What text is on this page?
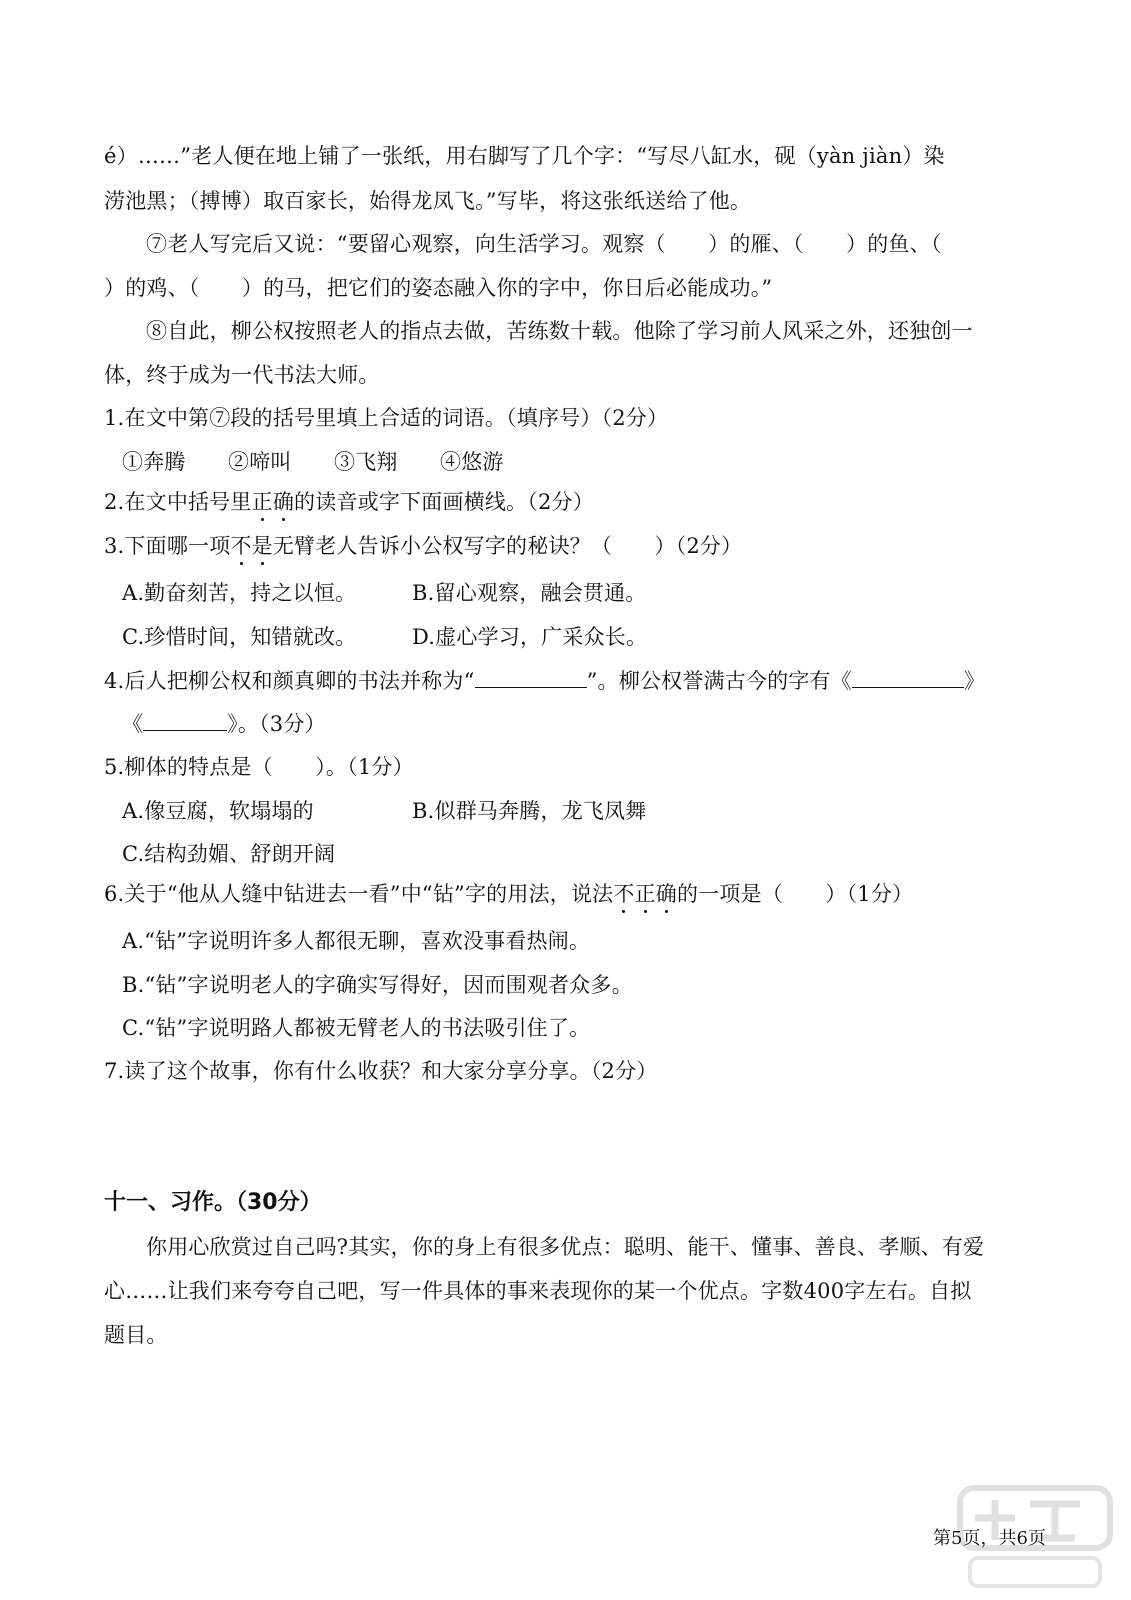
é）……”老人便在地上铺了一张纸，用右脚写了几个字：“写尽八缸水，砚（yàn jiàn）染
涝池黑；（搏博）取百家长，始得龙凤飞。”写毕，将这张纸送给了他。
⑦老人写完后又说：“要留心观察，向生活学习。观察（　　）的雁、（　　）的鱼、（
）的鸡、（　　）的马，把它们的姿态融入你的字中，你日后必能成功。”
⑧自此，柳公权按照老人的指点去做，苦练数十载。他除了学习前人风采之外，还独创一
体，终于成为一代书法大师。
1.在文中第⑦段的括号里填上合适的词语。（填序号）（2分）
①奔腾　　②啼叫　　③飞翔　　④悠游
2.在文中括号里正确的读音或字下面画横线。（2分）
3.下面哪一项不是无臂老人告诉小公权写字的秘诀？（　　）（2分）
A.勤奋刻苦，持之以恒。	B.留心观察，融会贯通。
C.珍惜时间，知错就改。	D.虚心学习，广采众长。
4.后人把柳公权和颜真卿的书法并称为“	”。柳公权誉满古今的字有《	》
《	》。（3分）
5.柳体的特点是（　　）。（1分）
A.像豆腐，软塌塌的	B.似群马奔腾，龙飞凤舞
C.结构劲媚、舒朗开阔
6.关于“他从人缝中钻进去一看”中“钻”字的用法，说法不正确的一项是（　　）（1分）
A.“钻”字说明许多人都很无聊，喜欢没事看热闹。
B.“钻”字说明老人的字确实写得好，因而围观者众多。
C.“钻”字说明路人都被无臂老人的书法吸引住了。
7.读了这个故事，你有什么收获？和大家分享分享。（2分）
十一、习作。（30分）
你用心欣赏过自己吗?其实，你的身上有很多优点：聪明、能干、懂事、善良、孝顺、有爱
心……让我们来夸夸自己吧，写一件具体的事来表现你的某一个优点。字数400字左右。自拟
题目。
第5页，共6页
